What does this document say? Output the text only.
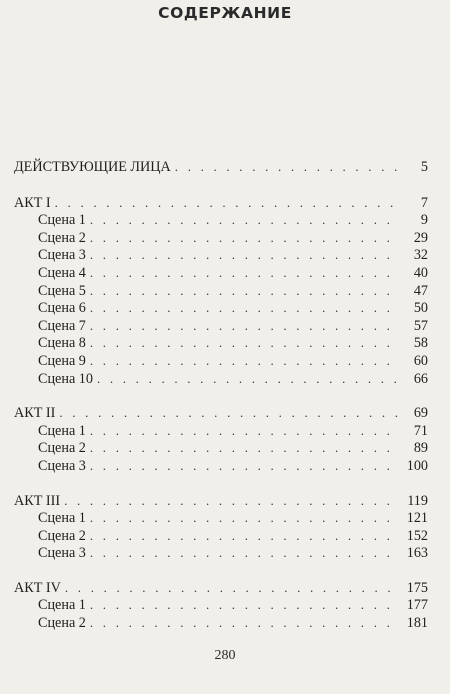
СОДЕРЖАНИЕ
ДЕЙСТВУЮЩИЕ ЛИЦА . . .	5
АКТ I . . .	7
Сцена 1 . . .	9
Сцена 2 . . .	29
Сцена 3 . . .	32
Сцена 4 . . .	40
Сцена 5 . . .	47
Сцена 6 . . .	50
Сцена 7 . . .	57
Сцена 8 . . .	58
Сцена 9 . . .	60
Сцена 10 . . .	66
АКТ II . . .	69
Сцена 1 . . .	71
Сцена 2 . . .	89
Сцена 3 . . .	100
АКТ III . . .	119
Сцена 1 . . .	121
Сцена 2 . . .	152
Сцена 3 . . .	163
АКТ IV . . .	175
Сцена 1 . . .	177
Сцена 2 . . .	181
280
